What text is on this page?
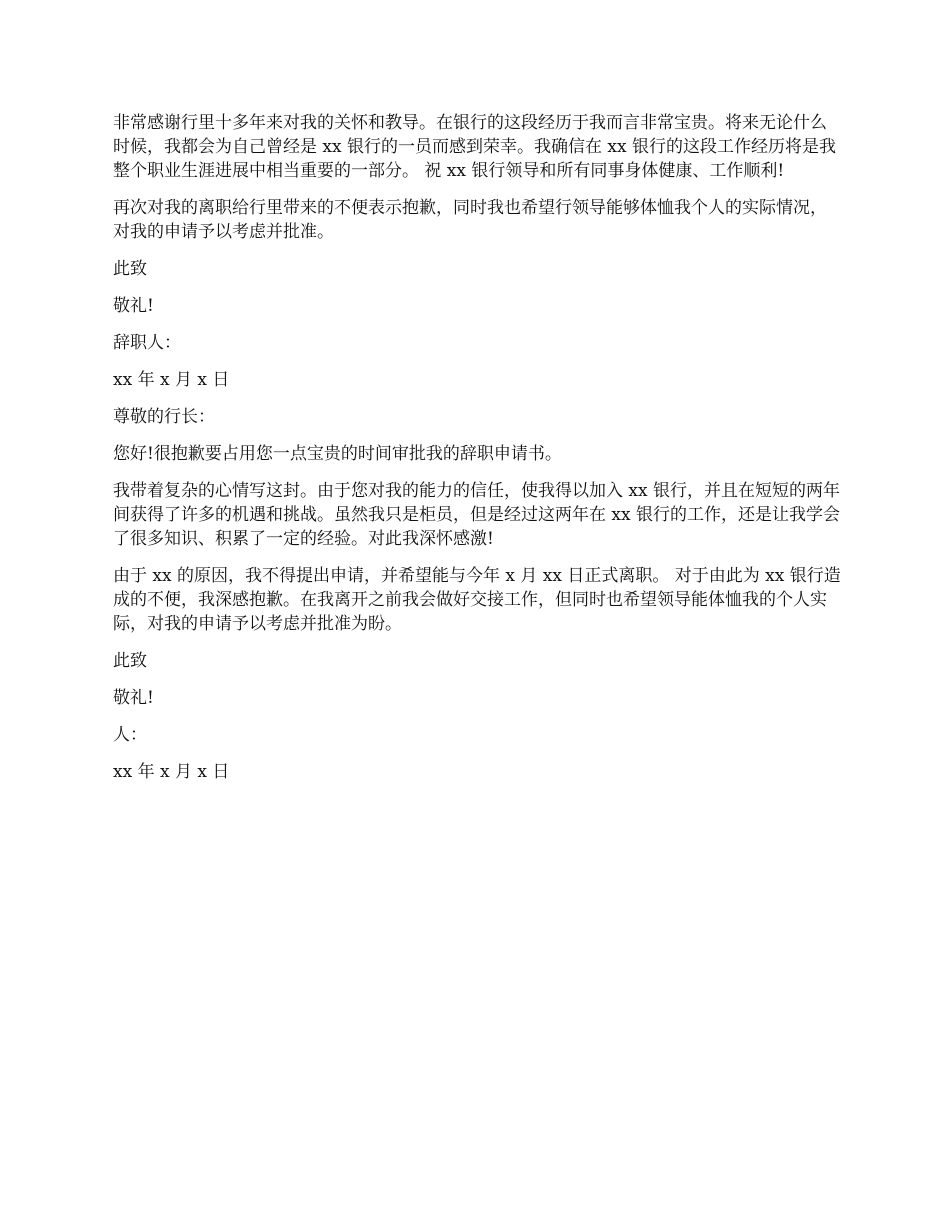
非常感谢行里十多年来对我的关怀和教导。在银行的这段经历于我而言非常宝贵。将来无论什么时候，我都会为自己曾经是 xx 银行的一员而感到荣幸。我确信在 xx 银行的这段工作经历将是我整个职业生涯进展中相当重要的一部分。 祝 xx 银行领导和所有同事身体健康、工作顺利!

再次对我的离职给行里带来的不便表示抱歉，同时我也希望行领导能够体恤我个人的实际情况，对我的申请予以考虑并批准。

此致

敬礼!

辞职人：

xx 年 x 月 x 日

尊敬的行长：

您好!很抱歉要占用您一点宝贵的时间审批我的辞职申请书。

我带着复杂的心情写这封。由于您对我的能力的信任，使我得以加入 xx 银行，并且在短短的两年间获得了许多的机遇和挑战。虽然我只是柜员，但是经过这两年在 xx 银行的工作，还是让我学会了很多知识、积累了一定的经验。对此我深怀感激!

由于 xx 的原因，我不得提出申请，并希望能与今年 x 月 xx 日正式离职。 对于由此为 xx 银行造成的不便，我深感抱歉。在我离开之前我会做好交接工作，但同时也希望领导能体恤我的个人实际，对我的申请予以考虑并批准为盼。

此致

敬礼!

人：

xx 年 x 月 x 日
